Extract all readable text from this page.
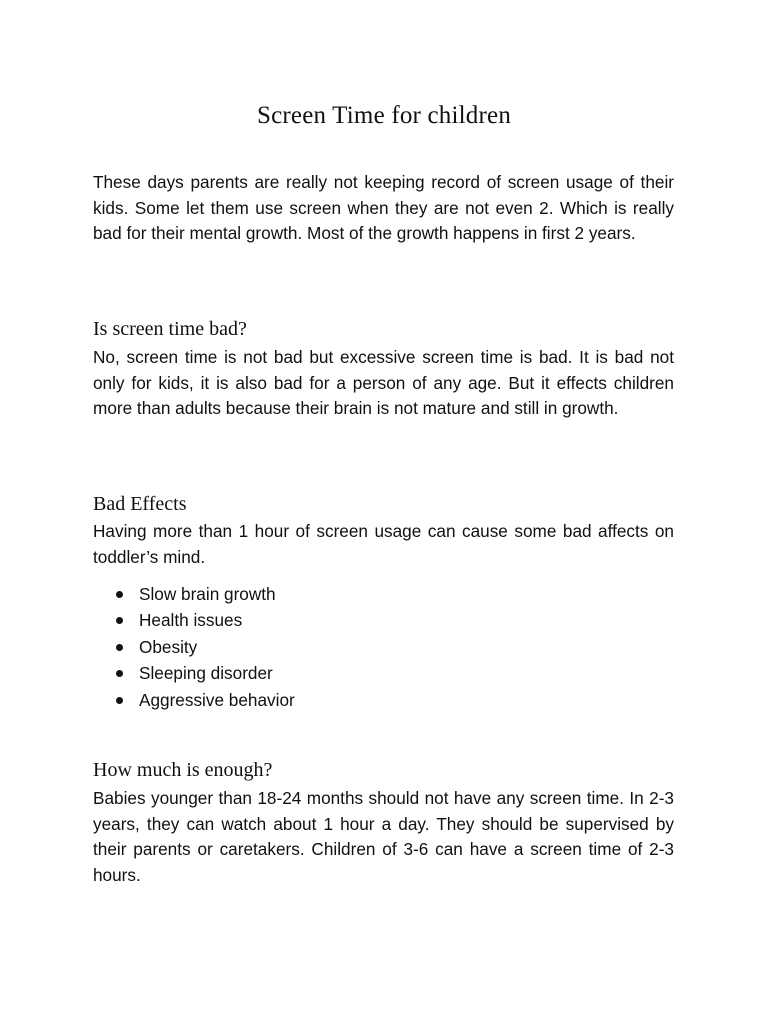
Screen Time for children

These days parents are really not keeping record of screen usage of their kids. Some let them use screen when they are not even 2. Which is really bad for their mental growth. Most of the growth happens in first 2 years.

Is screen time bad?

No, screen time is not bad but excessive screen time is bad. It is bad not only for kids, it is also bad for a person of any age. But it effects children more than adults because their brain is not mature and still in growth.

Bad Effects

Having more than 1 hour of screen usage can cause some bad affects on toddler’s mind.

Slow brain growth
Health issues
Obesity
Sleeping disorder
Aggressive behavior
How much is enough?

Babies younger than 18-24 months should not have any screen time. In 2-3 years, they can watch about 1 hour a day. They should be supervised by their parents or caretakers. Children of 3-6 can have a screen time of 2-3 hours.
